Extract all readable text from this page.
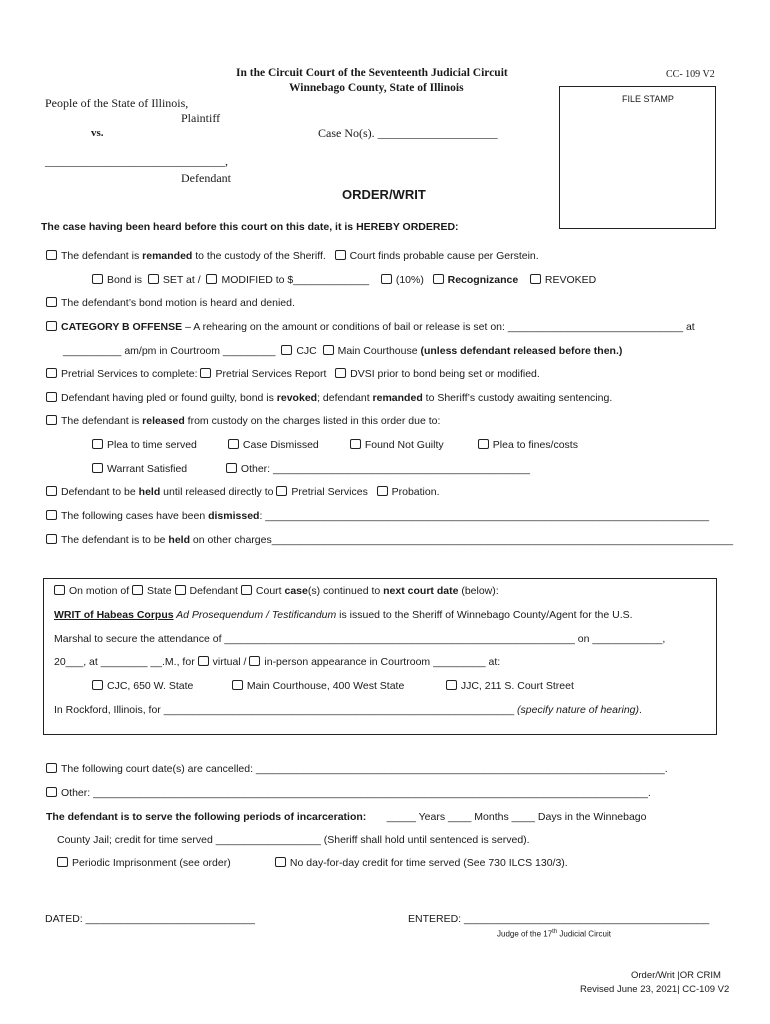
In the Circuit Court of the Seventeenth Judicial Circuit
Winnebago County, State of Illinois
CC- 109 V2
FILE STAMP
People of the State of Illinois,
Plaintiff
vs.	Case No(s). ____________________
______________________________,
Defendant
ORDER/WRIT
The case having been heard before this court on this date, it is HEREBY ORDERED:
The defendant is remanded to the custody of the Sheriff. Court finds probable cause per Gerstein.
Bond is SET at / MODIFIED to $_____________	(10%) Recognizance	REVOKED
The defendant’s bond motion is heard and denied.
CATEGORY B OFFENSE – A rehearing on the amount or conditions of bail or release is set on: ______________________________ at
__________ am/pm in Courtroom _________ CJC Main Courthouse (unless defendant released before then.)
Pretrial Services to complete: Pretrial Services Report DVSI prior to bond being set or modified.
Defendant having pled or found guilty, bond is revoked; defendant remanded to Sheriff’s custody awaiting sentencing.
The defendant is released from custody on the charges listed in this order due to:
Plea to time served	Case Dismissed	Found Not Guilty	Plea to fines/costs
Warrant Satisfied	Other: ____________________________________________
Defendant to be held until released directly to Pretrial Services Probation.
The following cases have been dismissed: ____________________________________________________________________________
The defendant is to be held on other charges_______________________________________________________________________________
On motion of State Defendant Court case(s) continued to next court date (below):
WRIT of Habeas Corpus Ad Prosequendum / Testificandum is issued to the Sheriff of Winnebago County/Agent for the U.S.
Marshal to secure the attendance of ____________________________________________________________ on ____________,
20___, at ________ __.M., for virtual / in-person appearance in Courtroom _________ at:
CJC, 650 W. State	Main Courthouse, 400 West State	JJC, 211 S. Court Street
In Rockford, Illinois, for ____________________________________________________________ (specify nature of hearing).
The following court date(s) are cancelled: ______________________________________________________________________.
Other: _______________________________________________________________________________________________.
The defendant is to serve the following periods of incarceration: _____ Years ____ Months ____ Days in the Winnebago
County Jail; credit for time served __________________ (Sheriff shall hold until sentenced is served).
Periodic Imprisonment (see order)	No day-for-day credit for time served (See 730 ILCS 130/3).
DATED: _____________________________	ENTERED: __________________________________________
Judge of the 17th Judicial Circuit
Order/Writ |OR CRIM
Revised June 23, 2021| CC-109 V2
